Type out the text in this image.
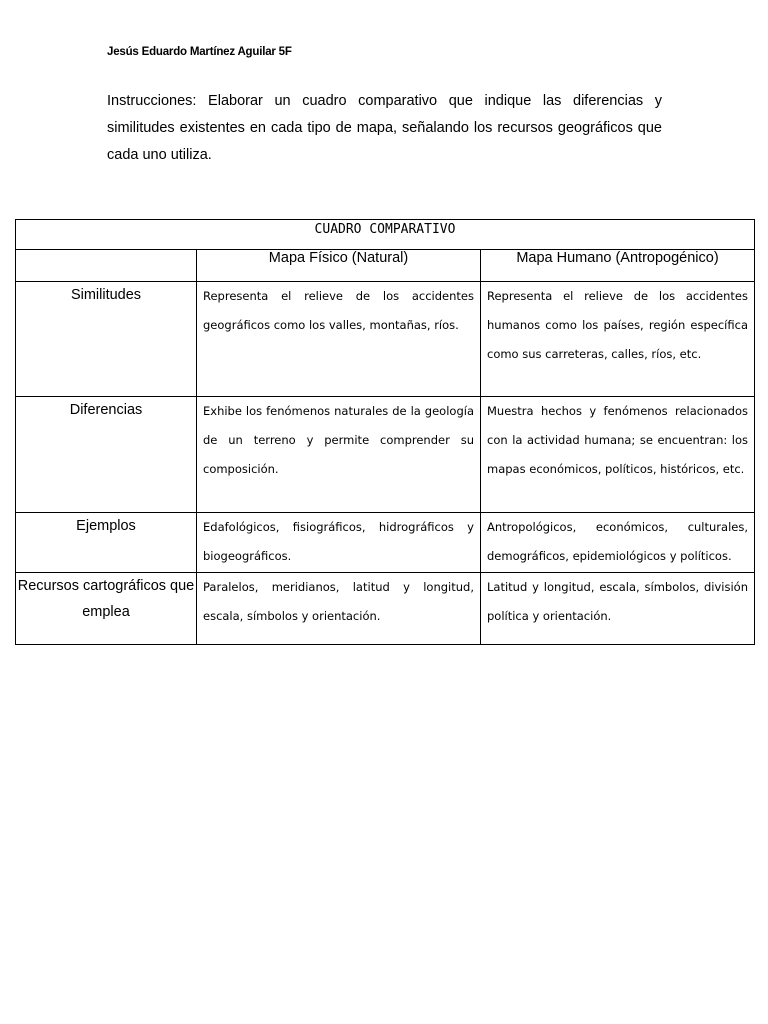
Jesús Eduardo Martínez Aguilar 5F
Instrucciones: Elaborar un cuadro comparativo que indique las diferencias y similitudes existentes en cada tipo de mapa, señalando los recursos geográficos que cada uno utiliza.
CUADRO COMPARATIVO		
	Mapa Físico (Natural)	Mapa Humano (Antropogénico)
Similitudes	Representa el relieve de los accidentes geográficos como los valles, montañas, ríos.	Representa el relieve de los accidentes humanos como los países, región específica como sus carreteras, calles, ríos, etc.
Diferencias	Exhibe los fenómenos naturales de la geología de un terreno y permite comprender su composición.	Muestra hechos y fenómenos relacionados con la actividad humana; se encuentran: los mapas económicos, políticos, históricos, etc.
Ejemplos	Edafológicos, fisiográficos, hidrográficos y biogeográficos.	Antropológicos, económicos, culturales, demográficos, epidemiológicos y políticos.
Recursos cartográficos que emplea	Paralelos, meridianos, latitud y longitud, escala, símbolos y orientación.	Latitud y longitud, escala, símbolos, división política y orientación.
